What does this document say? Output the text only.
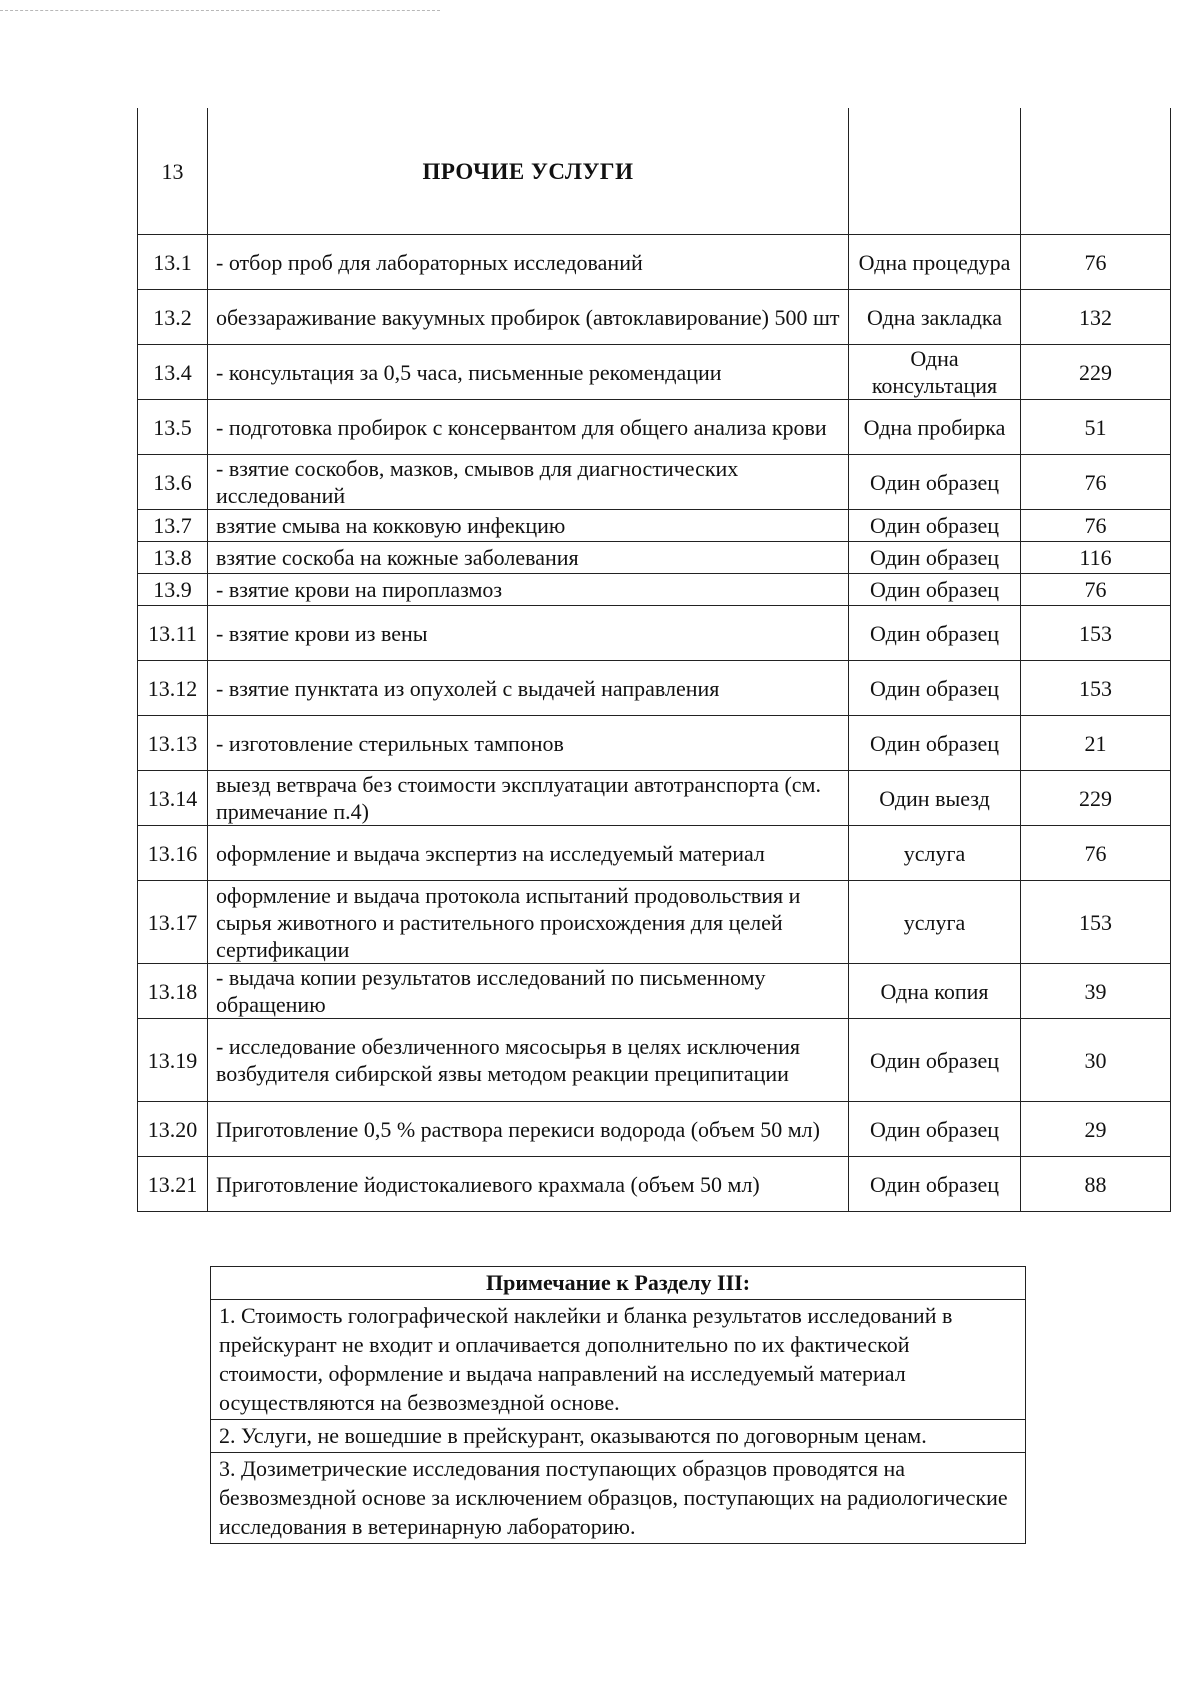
13	ПРОЧИЕ УСЛУГИ		
13.1	- отбор проб для лабораторных исследований	Одна процедура	76
13.2	обеззараживание вакуумных пробирок (автоклавирование) 500 шт	Одна закладка	132
13.4	- консультация за 0,5 часа, письменные рекомендации	Одна консультация	229
13.5	- подготовка пробирок с консервантом для общего анализа крови	Одна пробирка	51
13.6	- взятие соскобов, мазков, смывов для диагностических исследований	Один образец	76
13.7	взятие смыва на кокковую инфекцию	Один образец	76
13.8	взятие соскоба на кожные заболевания	Один образец	116
13.9	- взятие крови на пироплазмоз	Один образец	76
13.11	- взятие крови из вены	Один образец	153
13.12	- взятие пунктата из опухолей с выдачей направления	Один образец	153
13.13	- изготовление стерильных тампонов	Один образец	21
13.14	выезд ветврача без стоимости эксплуатации автотранспорта (см. примечание п.4)	Один выезд	229
13.16	оформление и выдача экспертиз на исследуемый материал	услуга	76
13.17	оформление и выдача протокола испытаний продовольствия и сырья животного и растительного происхождения для целей сертификации	услуга	153
13.18	- выдача копии результатов исследований по письменному обращению	Одна копия	39
13.19	- исследование обезличенного мясосырья в целях исключения возбудителя сибирской язвы методом реакции преципитации	Один образец	30
13.20	Приготовление 0,5 % раствора перекиси водорода (объем 50 мл)	Один образец	29
13.21	Приготовление йодистокалиевого крахмала (объем 50 мл)	Один образец	88
Примечание к Разделу III:
1. Стоимость голографической наклейки и бланка результатов исследований в прейскурант не входит и оплачивается дополнительно по их фактической стоимости, оформление и выдача направлений на исследуемый материал осуществляются на безвозмездной основе.
2. Услуги, не вошедшие в прейскурант, оказываются по договорным ценам.
3. Дозиметрические исследования поступающих образцов проводятся на безвозмездной основе за исключением образцов, поступающих на радиологические исследования в ветеринарную лабораторию.
